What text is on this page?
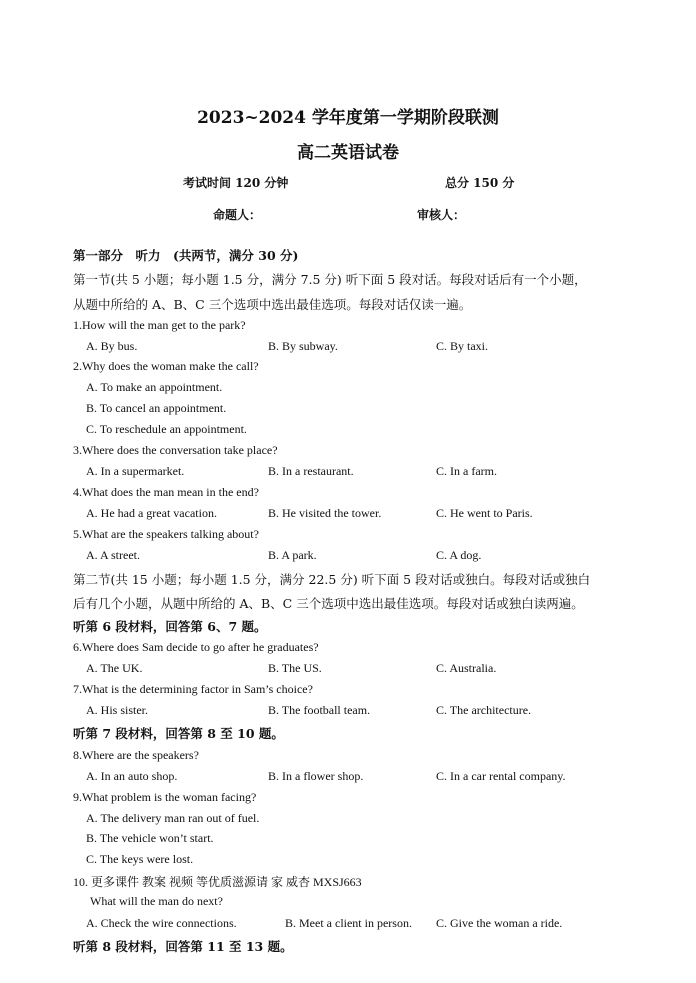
2023~2024 学年度第一学期阶段联测
高二英语试卷
考试时间 120 分钟	总分 150 分
命题人：	审核人：
第一部分　听力　(共两节，满分 30 分)
第一节(共 5 小题；每小题 1.5 分，满分 7.5 分) 听下面 5 段对话。每段对话后有一个小题，
从题中所给的 A、B、C 三个选项中选出最佳选项。每段对话仅读一遍。
1.How will the man get to the park?
A. By bus.	B. By subway.	C. By taxi.
2.Why does the woman make the call?
A. To make an appointment.
B. To cancel an appointment.
C. To reschedule an appointment.
3.Where does the conversation take place?
A. In a supermarket.	B. In a restaurant.	C. In a farm.
4.What does the man mean in the end?
A. He had a great vacation.	B. He visited the tower.	C. He went to Paris.
5.What are the speakers talking about?
A. A street.	B. A park.	C. A dog.
第二节(共 15 小题；每小题 1.5 分，满分 22.5 分) 听下面 5 段对话或独白。每段对话或独白
后有几个小题，从题中所给的 A、B、C 三个选项中选出最佳选项。每段对话或独白读两遍。
听第 6 段材料，回答第 6、7 题。
6.Where does Sam decide to go after he graduates?
A. The UK.	B. The US.	C. Australia.
7.What is the determining factor in Sam’s choice?
A. His sister.	B. The football team.	C. The architecture.
听第 7 段材料，回答第 8 至 10 题。
8.Where are the speakers?
A. In an auto shop.	B. In a flower shop.	C. In a car rental company.
9.What problem is the woman facing?
A. The delivery man ran out of fuel.
B. The vehicle won’t start.
C. The keys were lost.
10. 更多课件 教案 视频 等优质滋源请 家 威杏 MXSJ663
What will the man do next?
A. Check the wire connections.	B. Meet a client in person. C. Give the woman a ride.
听第 8 段材料，回答第 11 至 13 题。
